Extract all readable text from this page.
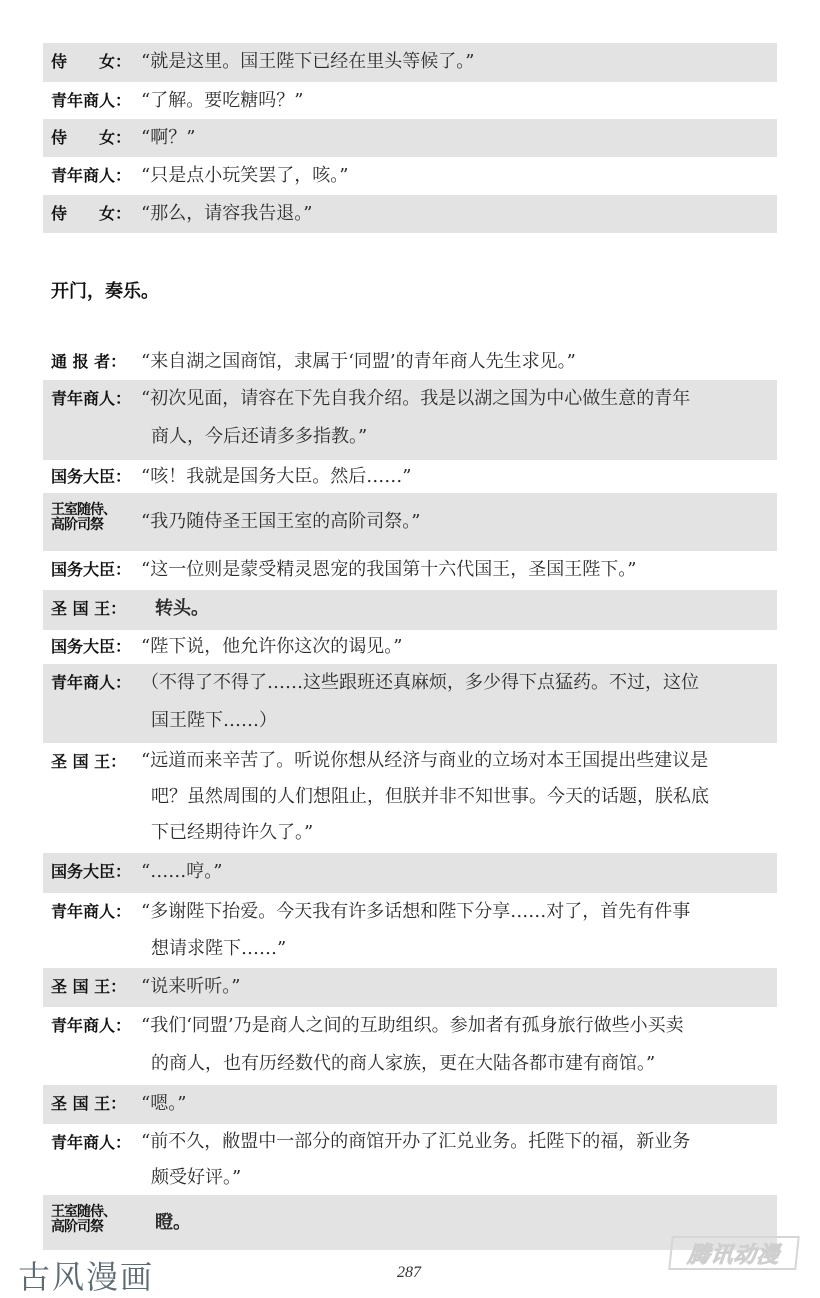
侍　　女 ： “就是这里。国王陛下已经在里头等候了。”
青年商人 ： “了解。要吃糖吗？”
侍　　女 ： “啊？”
青年商人 ： “只是点小玩笑罢了，咳。”
侍　　女 ： “那么，请容我告退。”
开门，奏乐。
通 报 者 ： “来自湖之国商馆，隶属于‘同盟’的青年商人先生求见。”
青年商人 ： “初次见面，请容在下先自我介绍。我是以湖之国为中心做生意的青年
商人，今后还请多多指教。”
国务大臣 ： “咳！我就是国务大臣。然后……”
王室随侍、
高阶司祭 “我乃随侍圣王国王室的高阶司祭。”
国务大臣 ： “这一位则是蒙受精灵恩宠的我国第十六代国王，圣国王陛下。”
圣 国 王 ： 转头。
国务大臣 ： “陛下说，他允许你这次的谒见。”
青年商人 ： （不得了不得了……这些跟班还真麻烦，多少得下点猛药。不过，这位
国王陛下……）
圣 国 王 ： “远道而来辛苦了。听说你想从经济与商业的立场对本王国提出些建议是
吧？虽然周围的人们想阻止，但朕并非不知世事。今天的话题，朕私底
下已经期待许久了。”
国务大臣 ： “……哼。”
青年商人 ： “多谢陛下抬爱。今天我有许多话想和陛下分享……对了，首先有件事
想请求陛下……”
圣 国 王 ： “说来听听。”
青年商人 ： “我们‘同盟’乃是商人之间的互助组织。参加者有孤身旅行做些小买卖
的商人，也有历经数代的商人家族，更在大陆各都市建有商馆。”
圣 国 王 ： “嗯。”
青年商人 ： “前不久，敝盟中一部分的商馆开办了汇兑业务。托陛下的福，新业务
颇受好评。”
王室随侍、
高阶司祭	瞪。
古风漫画	287
腾讯动漫
